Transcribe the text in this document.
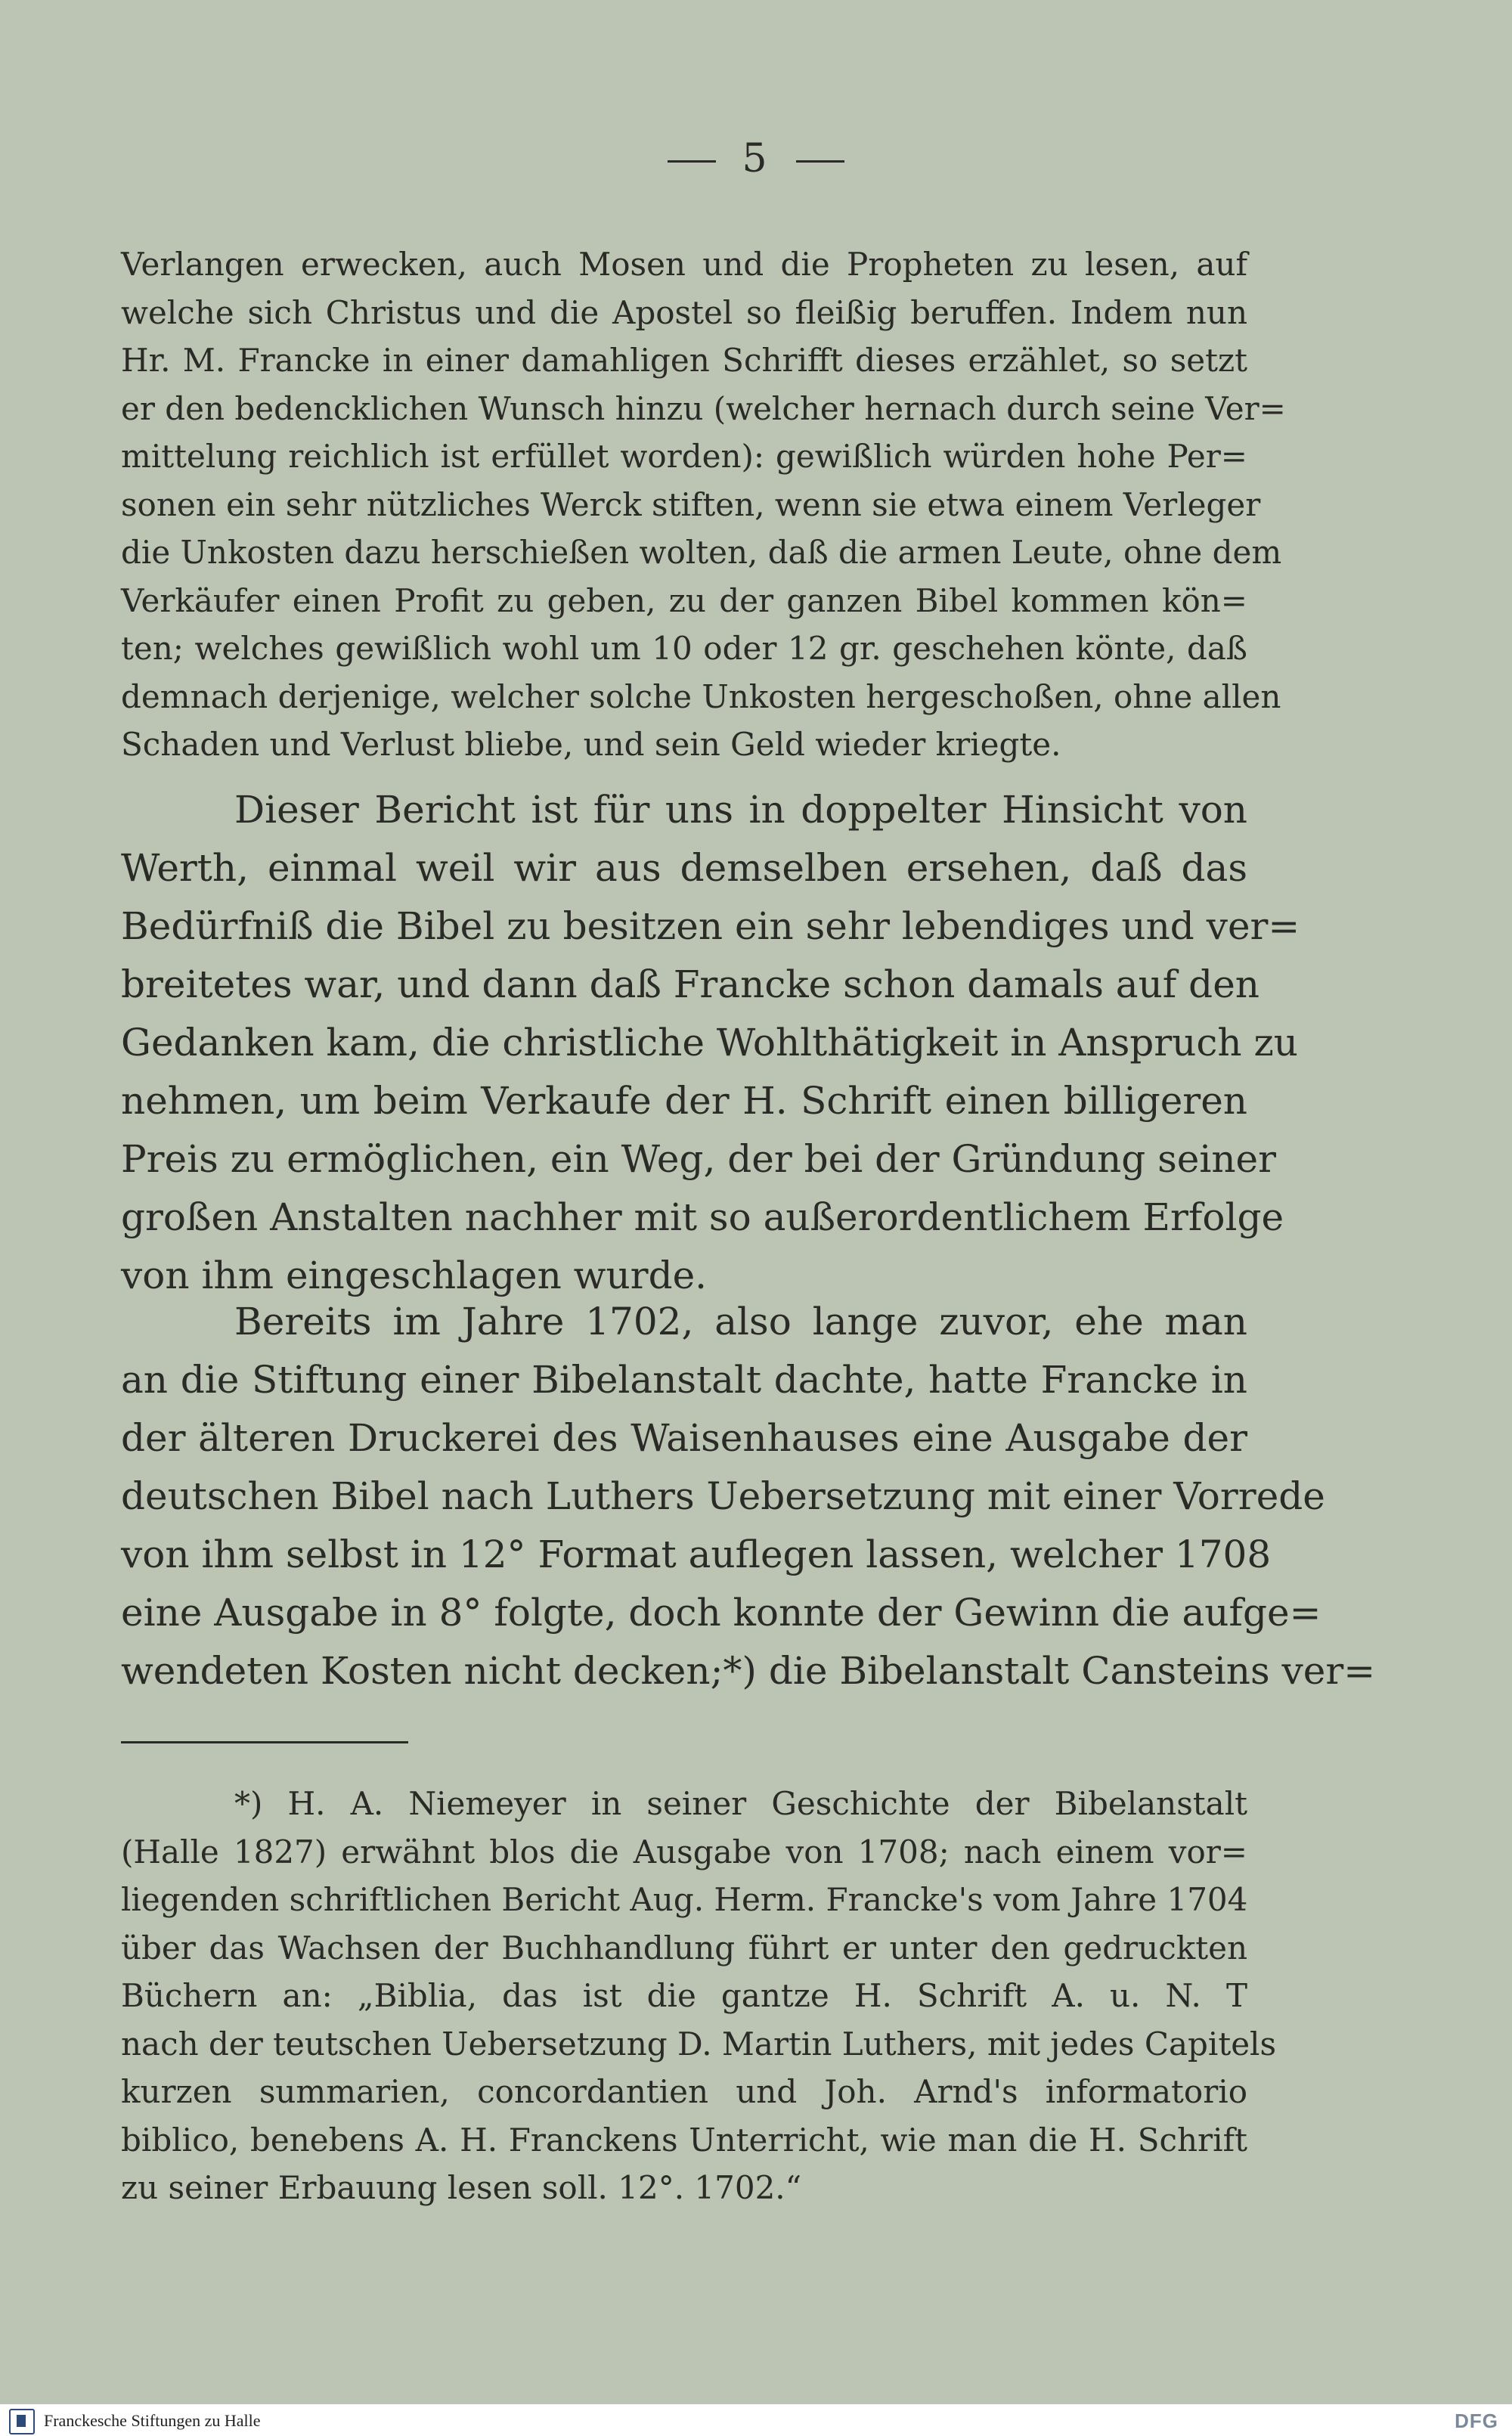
5
Verlangen erwecken, auch Mosen und die Propheten zu lesen, auf
welche sich Christus und die Apostel so fleißig beruffen. Indem nun
Hr. M. Francke in einer damahligen Schrifft dieses erzählet, so setzt
er den bedencklichen Wunsch hinzu (welcher hernach durch seine Ver=
mittelung reichlich ist erfüllet worden): gewißlich würden hohe Per=
sonen ein sehr nützliches Werck stiften, wenn sie etwa einem Verleger
die Unkosten dazu herschießen wolten, daß die armen Leute, ohne dem
Verkäufer einen Profit zu geben, zu der ganzen Bibel kommen kön=
ten; welches gewißlich wohl um 10 oder 12 gr. geschehen könte, daß
demnach derjenige, welcher solche Unkosten hergeschoßen, ohne allen
Schaden und Verlust bliebe, und sein Geld wieder kriegte.
Dieser Bericht ist für uns in doppelter Hinsicht von
Werth, einmal weil wir aus demselben ersehen, daß das
Bedürfniß die Bibel zu besitzen ein sehr lebendiges und ver=
breitetes war, und dann daß Francke schon damals auf den
Gedanken kam, die christliche Wohlthätigkeit in Anspruch zu
nehmen, um beim Verkaufe der H. Schrift einen billigeren
Preis zu ermöglichen, ein Weg, der bei der Gründung seiner
großen Anstalten nachher mit so außerordentlichem Erfolge
von ihm eingeschlagen wurde.
Bereits im Jahre 1702, also lange zuvor, ehe man
an die Stiftung einer Bibelanstalt dachte, hatte Francke in
der älteren Druckerei des Waisenhauses eine Ausgabe der
deutschen Bibel nach Luthers Uebersetzung mit einer Vorrede
von ihm selbst in 12° Format auflegen lassen, welcher 1708
eine Ausgabe in 8° folgte, doch konnte der Gewinn die aufge=
wendeten Kosten nicht decken;*) die Bibelanstalt Cansteins ver=
*) H. A. Niemeyer in seiner Geschichte der Bibelanstalt
(Halle 1827) erwähnt blos die Ausgabe von 1708; nach einem vor=
liegenden schriftlichen Bericht Aug. Herm. Francke's vom Jahre 1704
über das Wachsen der Buchhandlung führt er unter den gedruckten
Büchern an: „Biblia, das ist die gantze H. Schrift A. u. N. T
nach der teutschen Uebersetzung D. Martin Luthers, mit jedes Capitels
kurzen summarien, concordantien und Joh. Arnd's informatorio
biblico, benebens A. H. Franckens Unterricht, wie man die H. Schrift
zu seiner Erbauung lesen soll. 12°. 1702.“
Franckesche Stiftungen zu Halle	DFG
